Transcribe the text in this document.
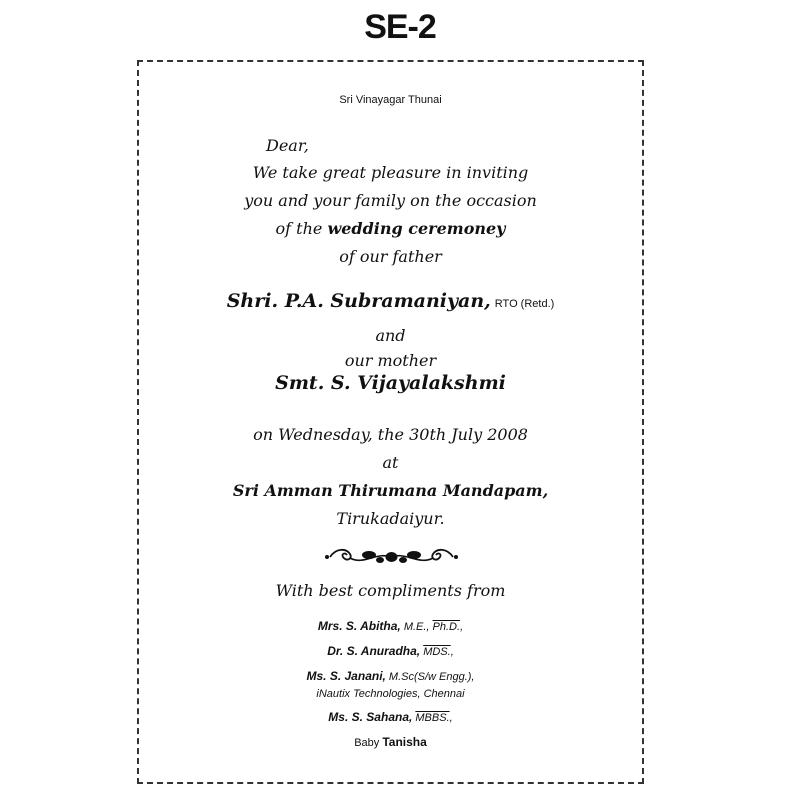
SE-2
Sri Vinayagar Thunai
Dear,
We take great pleasure in inviting
you and your family on the occasion
of the wedding ceremoney
of our father
Shri. P.A. Subramaniyan, RTO (Retd.)
and
our mother
Smt. S. Vijayalakshmi
on Wednesday, the 30th July 2008
at
Sri Amman Thirumana Mandapam,
Tirukadaiyur.
With best compliments from
Mrs. S. Abitha, M.E., Ph.D.,
Dr. S. Anuradha, MDS.,
Ms. S. Janani, M.Sc(S/w Engg.),
iNautix Technologies, Chennai
Ms. S. Sahana, MBBS.,
Baby Tanisha
